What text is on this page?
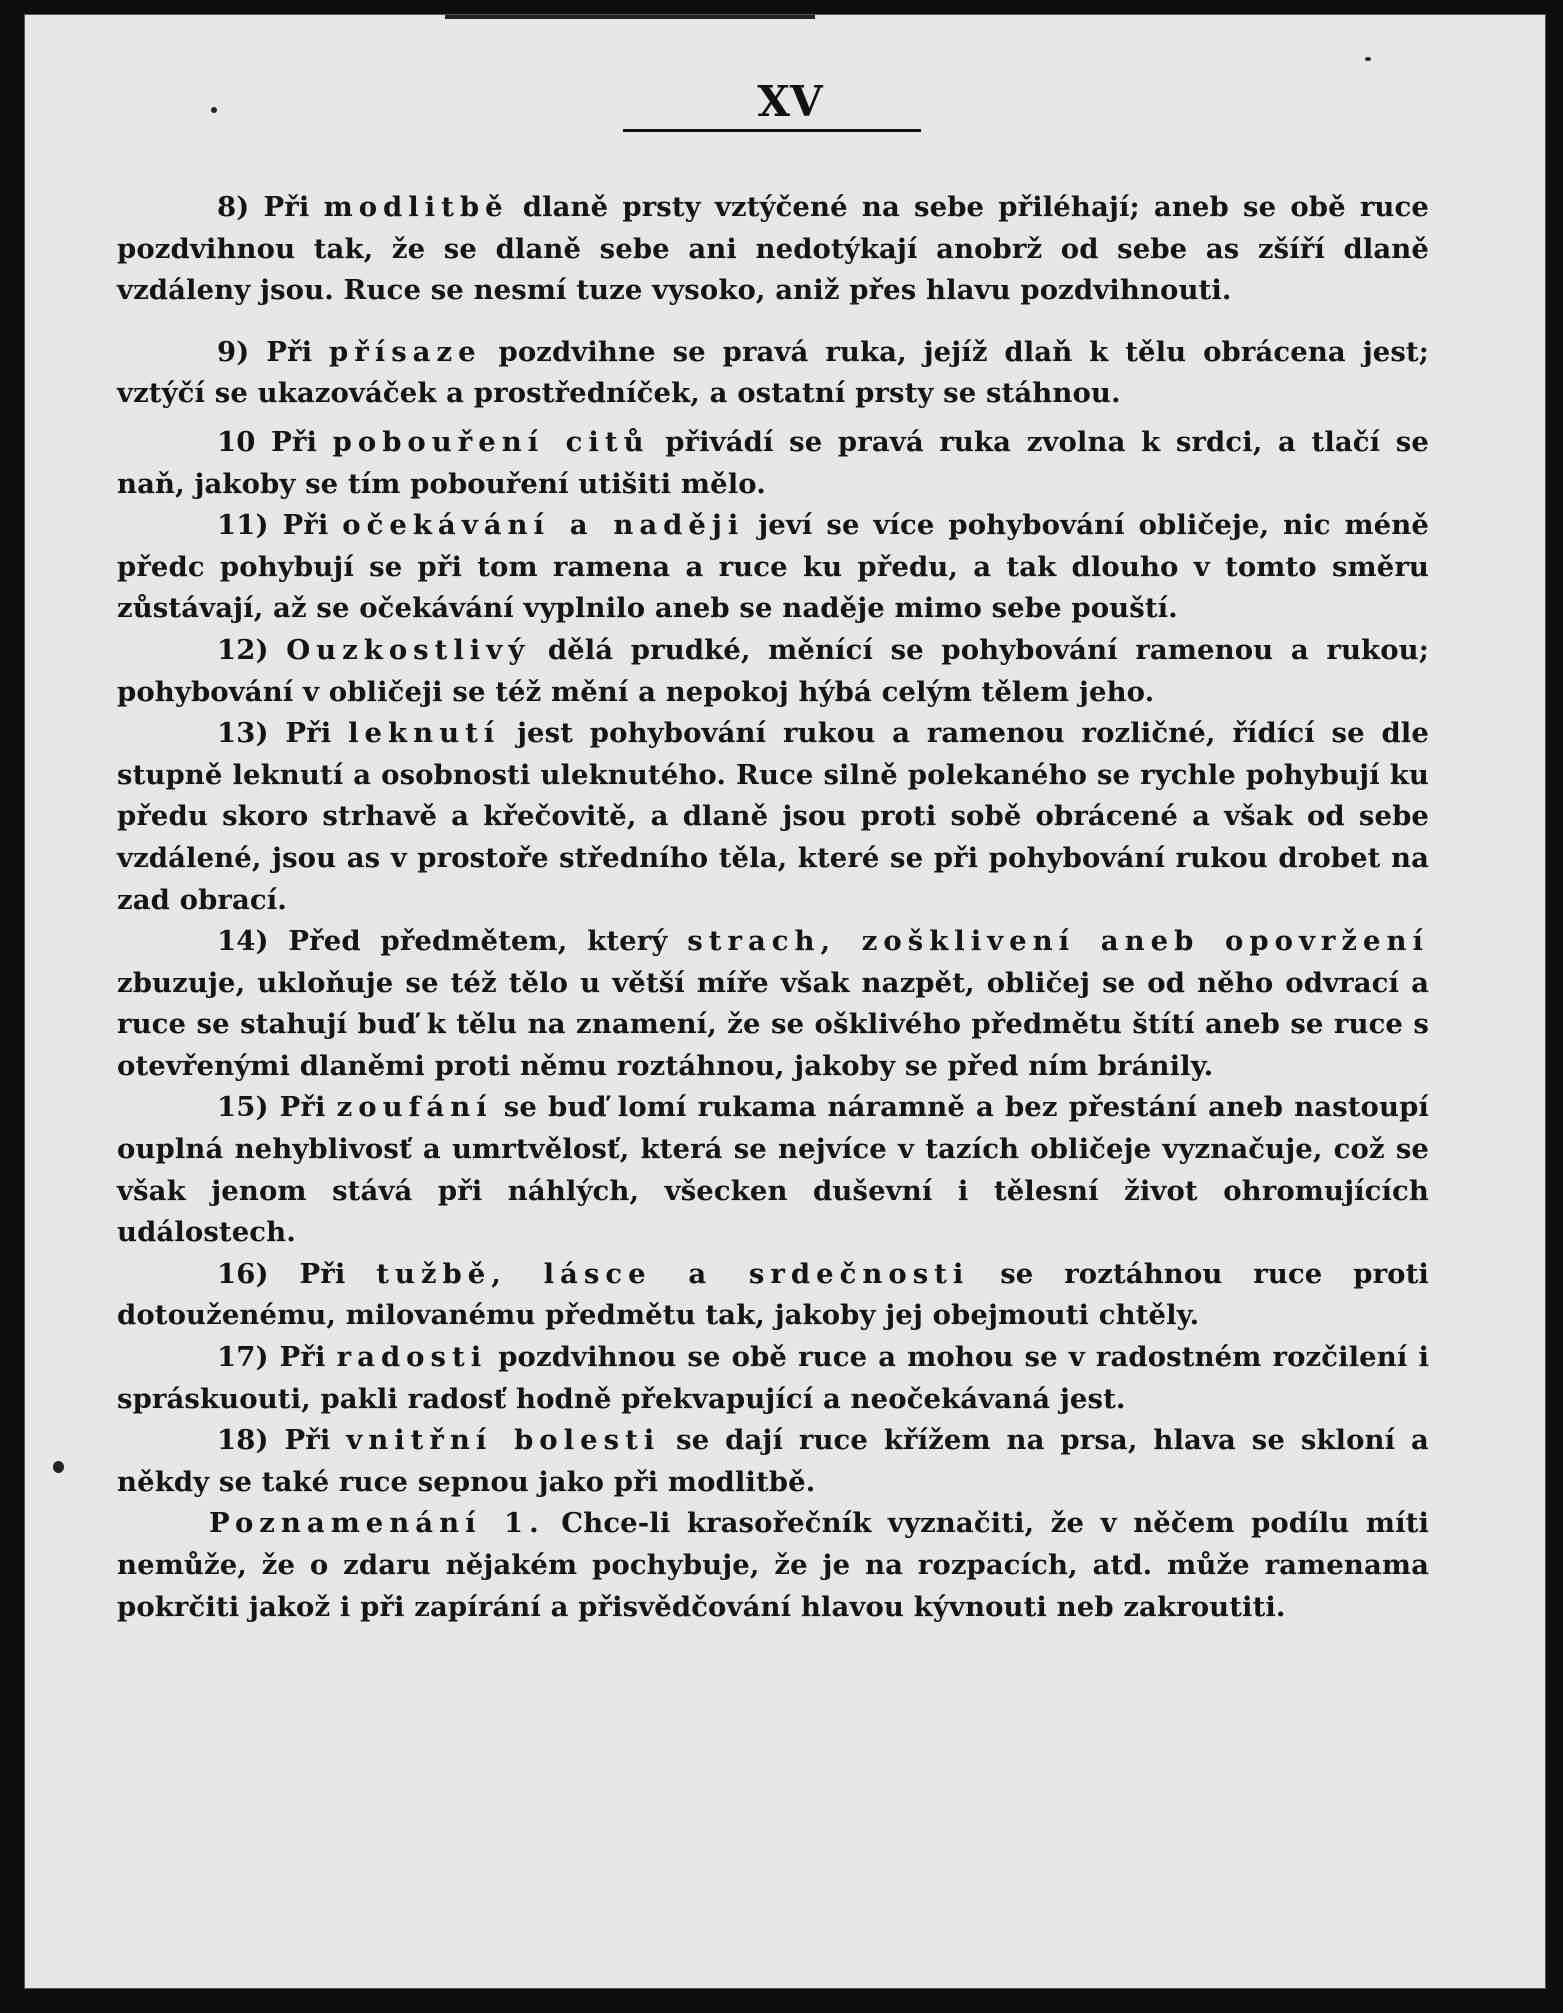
XV

8) Při modlitbě dlaně prsty vztýčené na sebe přiléhají; aneb se obě ruce pozdvihnou tak, že se dlaně sebe ani nedotýkají anobrž od sebe as zšíří dlaně vzdáleny jsou. Ruce se nesmí tuze vysoko, aniž přes hlavu pozdvihnouti.

9) Při přísaze pozdvihne se pravá ruka, jejíž dlaň k tělu obrácena jest; vztýčí se ukazováček a prostředníček, a ostatní prsty se stáhnou.

10 Při pobouření citů přivádí se pravá ruka zvolna k srdci, a tlačí se naň, jakoby se tím pobouření utišiti mělo.

11) Při očekávání a naději jeví se více pohybování obličeje, nic méně předc pohybují se při tom ramena a ruce ku předu, a tak dlouho v tomto směru zůstávají, až se očekávání vyplnilo aneb se naděje mimo sebe pouští.

12) Ouzkostlivý dělá prudké, měnící se pohybování ramenou a rukou; pohybování v obličeji se též mění a nepokoj hýbá celým tělem jeho.

13) Při leknutí jest pohybování rukou a ramenou rozličné, řídící se dle stupně leknutí a osobnosti uleknutého. Ruce silně polekaného se rychle pohybují ku předu skoro strhavě a křečovitě, a dlaně jsou proti sobě obrácené a však od sebe vzdálené, jsou as v prostoře středního těla, které se při pohybování rukou drobet na zad obrací.

14) Před předmětem, který strach, zošklivení aneb opovržení zbuzuje, ukloňuje se též tělo u větší míře však nazpět, obličej se od něho odvrací a ruce se stahují buď k tělu na znamení, že se ošklivého předmětu štítí aneb se ruce s otevřenými dlaněmi proti němu roztáhnou, jakoby se před ním bránily.

15) Při zoufání se buď lomí rukama náramně a bez přestání aneb nastoupí ouplná nehyblivosť a umrtvělosť, která se nejvíce v tazích obličeje vyznačuje, což se však jenom stává při náhlých, všecken duševní i tělesní život ohromujících událostech.

16) Při tužbě, lásce a srdečnosti se roztáhnou ruce proti dotouženému, milovanému předmětu tak, jakoby jej obejmouti chtěly.

17) Při radosti pozdvihnou se obě ruce a mohou se v radostném rozčilení i spráskuouti, pakli radosť hodně překvapující a neočekávaná jest.

18) Při vnitřní bolesti se dají ruce křížem na prsa, hlava se skloní a někdy se také ruce sepnou jako při modlitbě.

Poznamenání 1. Chce-li krasořečník vyznačiti, že v něčem podílu míti nemůže, že o zdaru nějakém pochybuje, že je na rozpacích, atd. může ramenama pokrčiti jakož i při zapírání a přisvědčování hlavou kývnouti neb zakroutiti.
